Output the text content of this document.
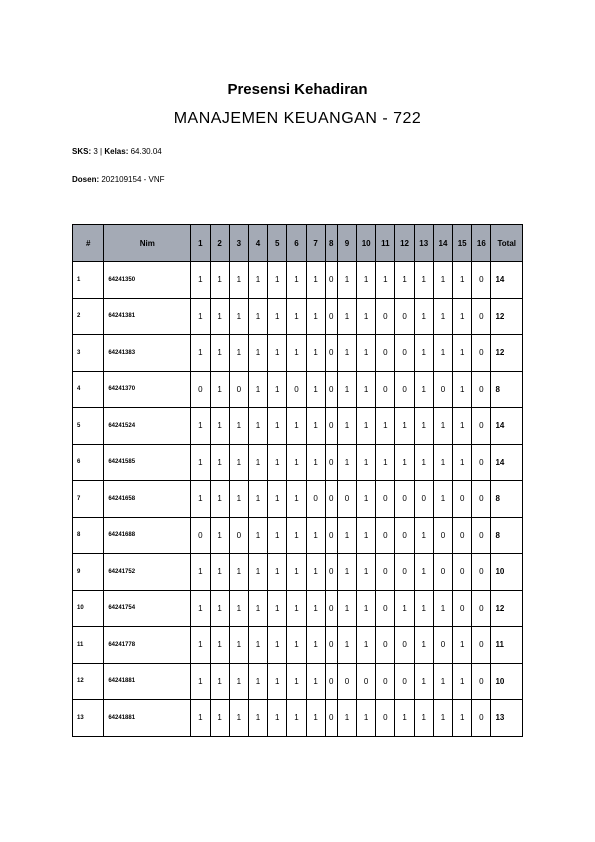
Presensi Kehadiran
MANAJEMEN KEUANGAN - 722
SKS: 3 | Kelas: 64.30.04
Dosen: 202109154 - VNF
#	Nim	1	2	3	4	5	6	7	8	9	10	11	12	13	14	15	16	Total
1	64241350	1	1	1	1	1	1	1	0	1	1	1	1	1	1	1	0	14
2	64241381	1	1	1	1	1	1	1	0	1	1	0	0	1	1	1	0	12
3	64241383	1	1	1	1	1	1	1	0	1	1	0	0	1	1	1	0	12
4	64241370	0	1	0	1	1	0	1	0	1	1	0	0	1	0	1	0	8
5	64241524	1	1	1	1	1	1	1	0	1	1	1	1	1	1	1	0	14
6	64241585	1	1	1	1	1	1	1	0	1	1	1	1	1	1	1	0	14
7	64241658	1	1	1	1	1	1	0	0	0	1	0	0	0	1	0	0	8
8	64241688	0	1	0	1	1	1	1	0	1	1	0	0	1	0	0	0	8
9	64241752	1	1	1	1	1	1	1	0	1	1	0	0	1	0	0	0	10
10	64241754	1	1	1	1	1	1	1	0	1	1	0	1	1	1	0	0	12
11	64241778	1	1	1	1	1	1	1	0	1	1	0	0	1	0	1	0	11
12	64241881	1	1	1	1	1	1	1	0	0	0	0	0	1	1	1	0	10
13	64241881	1	1	1	1	1	1	1	0	1	1	0	1	1	1	1	0	13
